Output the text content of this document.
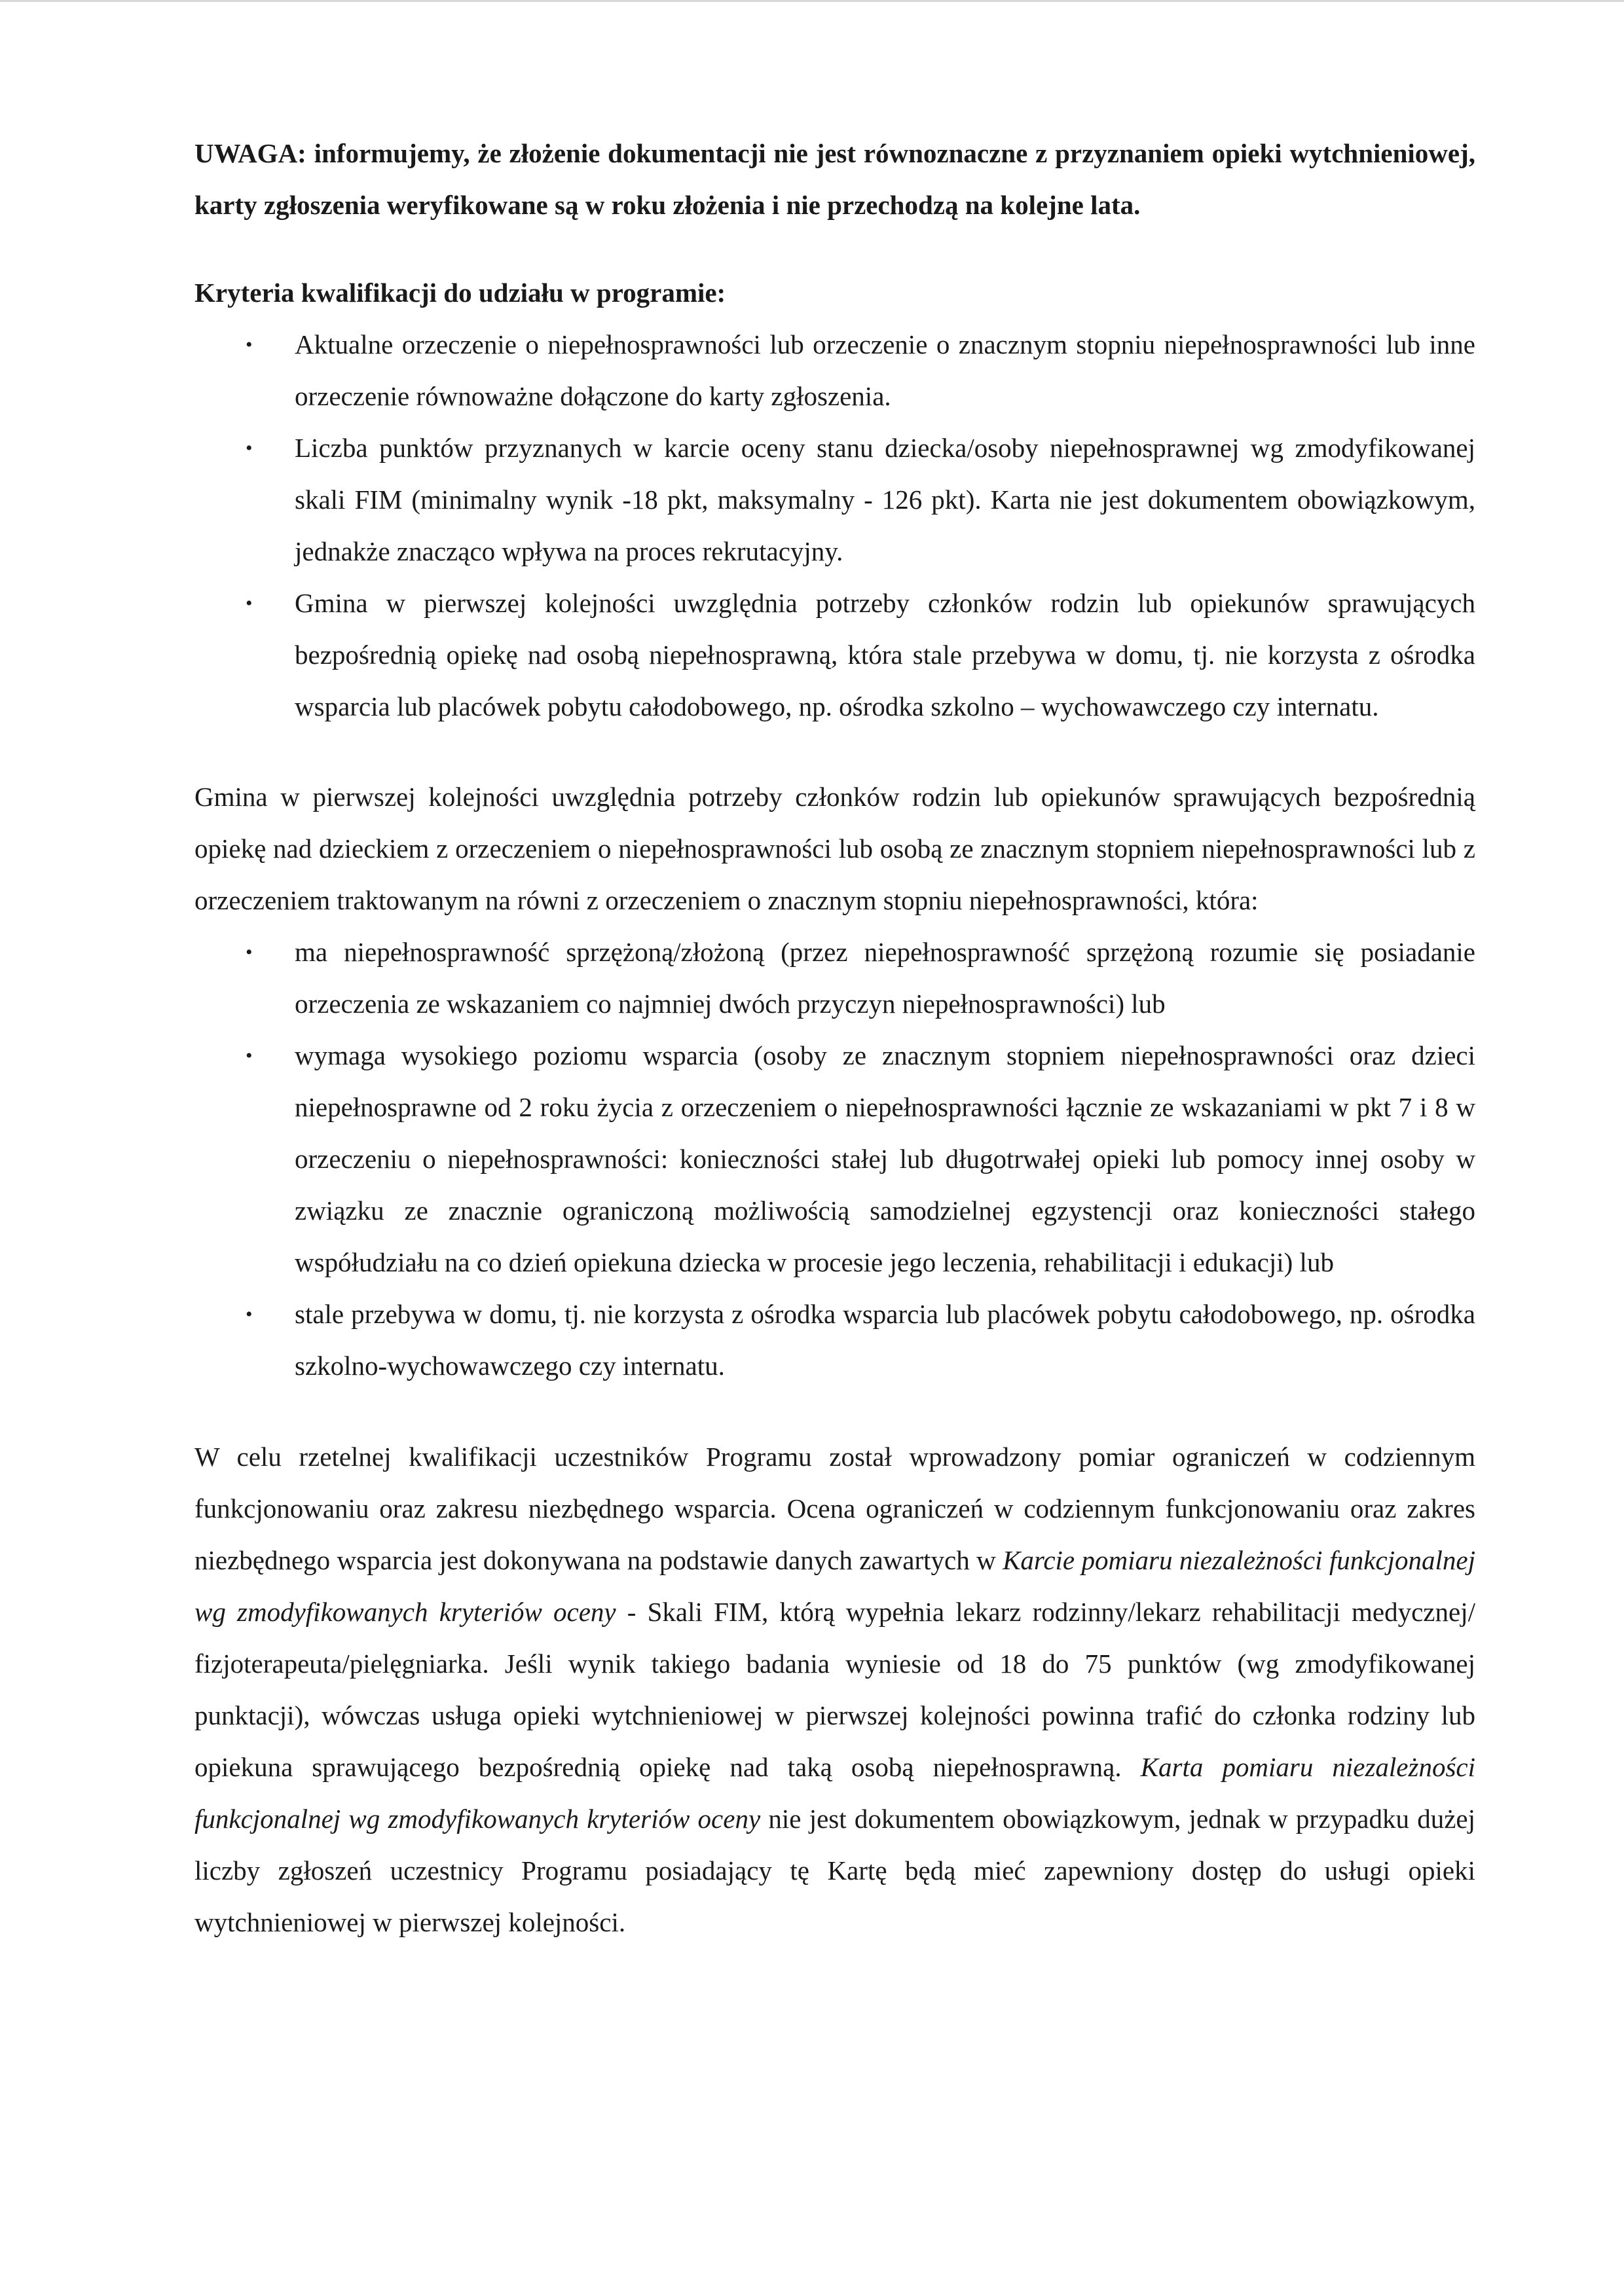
UWAGA: informujemy, że złożenie dokumentacji nie jest równoznaczne z przyznaniem opieki wytchnieniowej, karty zgłoszenia weryfikowane są w roku złożenia i nie przechodzą na kolejne lata.

Kryteria kwalifikacji do udziału w programie:

• Aktualne orzeczenie o niepełnosprawności lub orzeczenie o znacznym stopniu niepełnosprawności lub inne orzeczenie równoważne dołączone do karty zgłoszenia.
• Liczba punktów przyznanych w karcie oceny stanu dziecka/osoby niepełnosprawnej wg zmodyfikowanej skali FIM (minimalny wynik -18 pkt, maksymalny - 126 pkt). Karta nie jest dokumentem obowiązkowym, jednakże znacząco wpływa na proces rekrutacyjny.
• Gmina w pierwszej kolejności uwzględnia potrzeby członków rodzin lub opiekunów sprawujących bezpośrednią opiekę nad osobą niepełnosprawną, która stale przebywa w domu, tj. nie korzysta z ośrodka wsparcia lub placówek pobytu całodobowego, np. ośrodka szkolno – wychowawczego czy internatu.

Gmina w pierwszej kolejności uwzględnia potrzeby członków rodzin lub opiekunów sprawujących bezpośrednią opiekę nad dzieckiem z orzeczeniem o niepełnosprawności lub osobą ze znacznym stopniem niepełnosprawności lub z orzeczeniem traktowanym na równi z orzeczeniem o znacznym stopniu niepełnosprawności, która:

• ma niepełnosprawność sprzężoną/złożoną (przez niepełnosprawność sprzężoną rozumie się posiadanie orzeczenia ze wskazaniem co najmniej dwóch przyczyn niepełnosprawności) lub
• wymaga wysokiego poziomu wsparcia (osoby ze znacznym stopniem niepełnosprawności oraz dzieci niepełnosprawne od 2 roku życia z orzeczeniem o niepełnosprawności łącznie ze wskazaniami w pkt 7 i 8 w orzeczeniu o niepełnosprawności: konieczności stałej lub długotrwałej opieki lub pomocy innej osoby w związku ze znacznie ograniczoną możliwością samodzielnej egzystencji oraz konieczności stałego współudziału na co dzień opiekuna dziecka w procesie jego leczenia, rehabilitacji i edukacji) lub
• stale przebywa w domu, tj. nie korzysta z ośrodka wsparcia lub placówek pobytu całodobowego, np. ośrodka szkolno-wychowawczego czy internatu.

W celu rzetelnej kwalifikacji uczestników Programu został wprowadzony pomiar ograniczeń w codziennym funkcjonowaniu oraz zakresu niezbędnego wsparcia. Ocena ograniczeń w codziennym funkcjonowaniu oraz zakres niezbędnego wsparcia jest dokonywana na podstawie danych zawartych w Karcie pomiaru niezależności funkcjonalnej wg zmodyfikowanych kryteriów oceny - Skali FIM, którą wypełnia lekarz rodzinny/lekarz rehabilitacji medycznej/ fizjoterapeuta/pielęgniarka. Jeśli wynik takiego badania wyniesie od 18 do 75 punktów (wg zmodyfikowanej punktacji), wówczas usługa opieki wytchnieniowej w pierwszej kolejności powinna trafić do członka rodziny lub opiekuna sprawującego bezpośrednią opiekę nad taką osobą niepełnosprawną. Karta pomiaru niezależności funkcjonalnej wg zmodyfikowanych kryteriów oceny nie jest dokumentem obowiązkowym, jednak w przypadku dużej liczby zgłoszeń uczestnicy Programu posiadający tę Kartę będą mieć zapewniony dostęp do usługi opieki wytchnieniowej w pierwszej kolejności.
